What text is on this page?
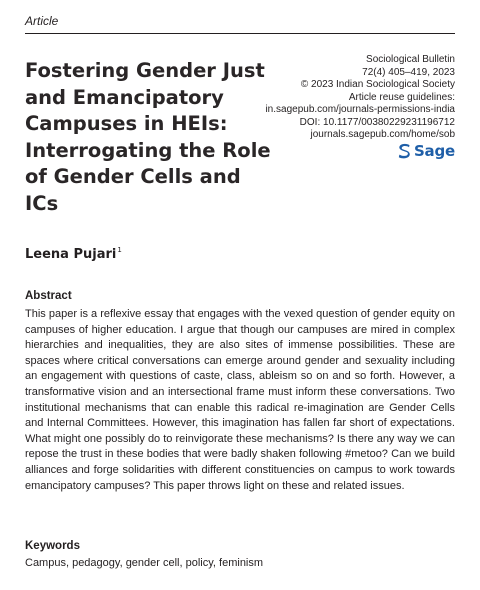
Article
Fostering Gender Just and Emancipatory Campuses in HEIs: Interrogating the Role of Gender Cells and ICs
Sociological Bulletin
72(4) 405–419, 2023
© 2023 Indian Sociological Society
Article reuse guidelines:
in.sagepub.com/journals-permissions-india
DOI: 10.1177/00380229231196712
journals.sagepub.com/home/sob
Sage
Leena Pujari$^1$
Abstract

This paper is a reflexive essay that engages with the vexed question of gender equity on campuses of higher education. I argue that though our campuses are mired in complex hierarchies and inequalities, they are also sites of immense possibilities. These are spaces where critical conversations can emerge around gender and sexuality including an engagement with questions of caste, class, ableism so on and so forth. However, a transformative vision and an intersectional frame must inform these conversations. Two institutional mechanisms that can enable this radical re-imagination are Gender Cells and Internal Committees. However, this imagination has fallen far short of expectations. What might one possibly do to reinvigorate these mechanisms? Is there any way we can repose the trust in these bodies that were badly shaken following #metoo? Can we build alliances and forge solidarities with different constituencies on campus to work towards emancipatory campuses? This paper throws light on these and related issues.

Keywords
Campus, pedagogy, gender cell, policy, feminism
